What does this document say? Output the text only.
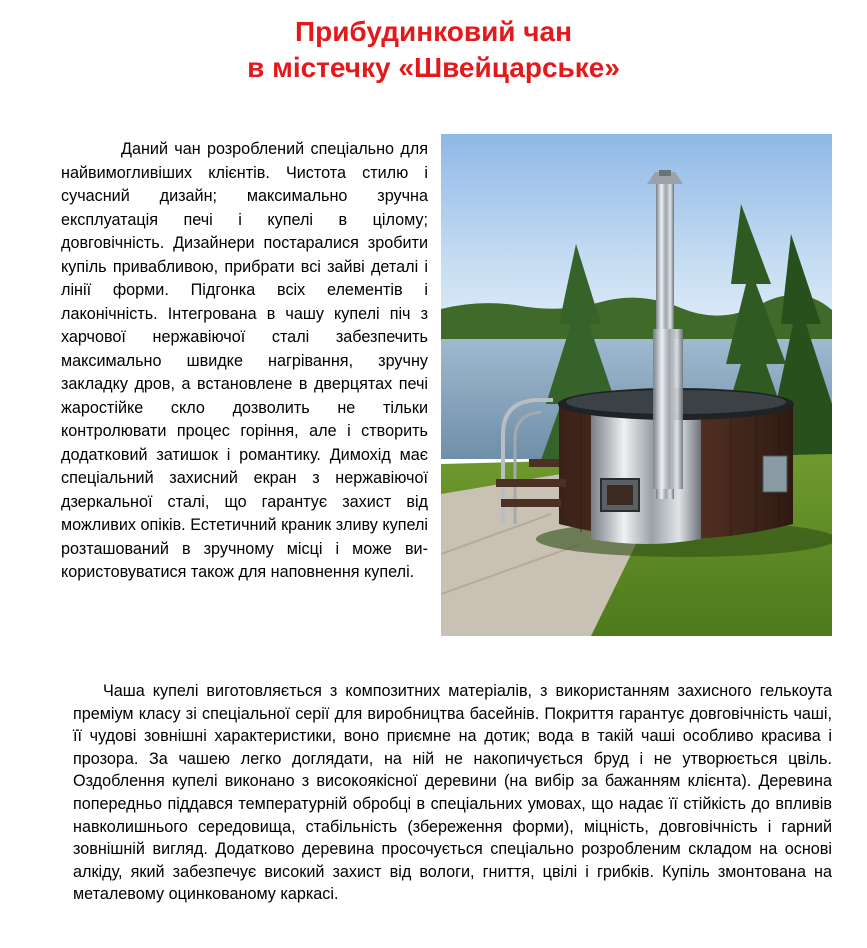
Прибудинковий чан
в містечку «Швейцарське»

Даний чан розроблений спеціально для найвимогливіших клієнтів. Чистота стилю і сучасний дизайн; максимально зручна експлуатація печі і купелі в цілому; довговічність. Дизайнери постаралися зробити купіль привабливою, прибрати всі зайві деталі і лінії форми. Підгонка всіх елементів і лаконічність. Інтегрована в чашу купелі піч з харчової нержавіючої сталі забезпечить максимально швидке нагрівання, зручну закладку дров, а встановлене в дверцятах печі жаростійке скло дозволить не тільки контролювати процес горіння, але і створить додатковий затишок і романтику. Димохід має спеціальний захисний екран з нержавіючої дзеркальної сталі, що гарантує захист від можливих опіків. Естетичний краник зливу купелі розташований в зручному місці і може використовуватися також для наповнення купелі.

Чаша купелі виготовляється з композитних матеріалів, з використанням захисного гелькоута преміум класу зі спеціальної серії для виробництва басейнів. Покриття гарантує довговічність чаші, її чудові зовнішні характеристики, воно приємне на дотик; вода в такій чаші особливо красива і прозора. За чашею легко доглядати, на ній не накопичується бруд і не утворюється цвіль. Оздоблення купелі виконано з високоякісної деревини (на вибір за бажанням клієнта). Деревина попередньо піддався температурній обробці в спеціальних умовах, що надає її стійкість до впливів навколишнього середовища, стабільність (збереження форми), міцність, довговічність і гарний зовнішній вигляд. Додатково деревина просочується спеціально розробленим складом на основі алкіду, який забезпечує високий захист від вологи, гниття, цвілі і грибків. Купіль змонтована на металевому оцинкованому каркасі.
